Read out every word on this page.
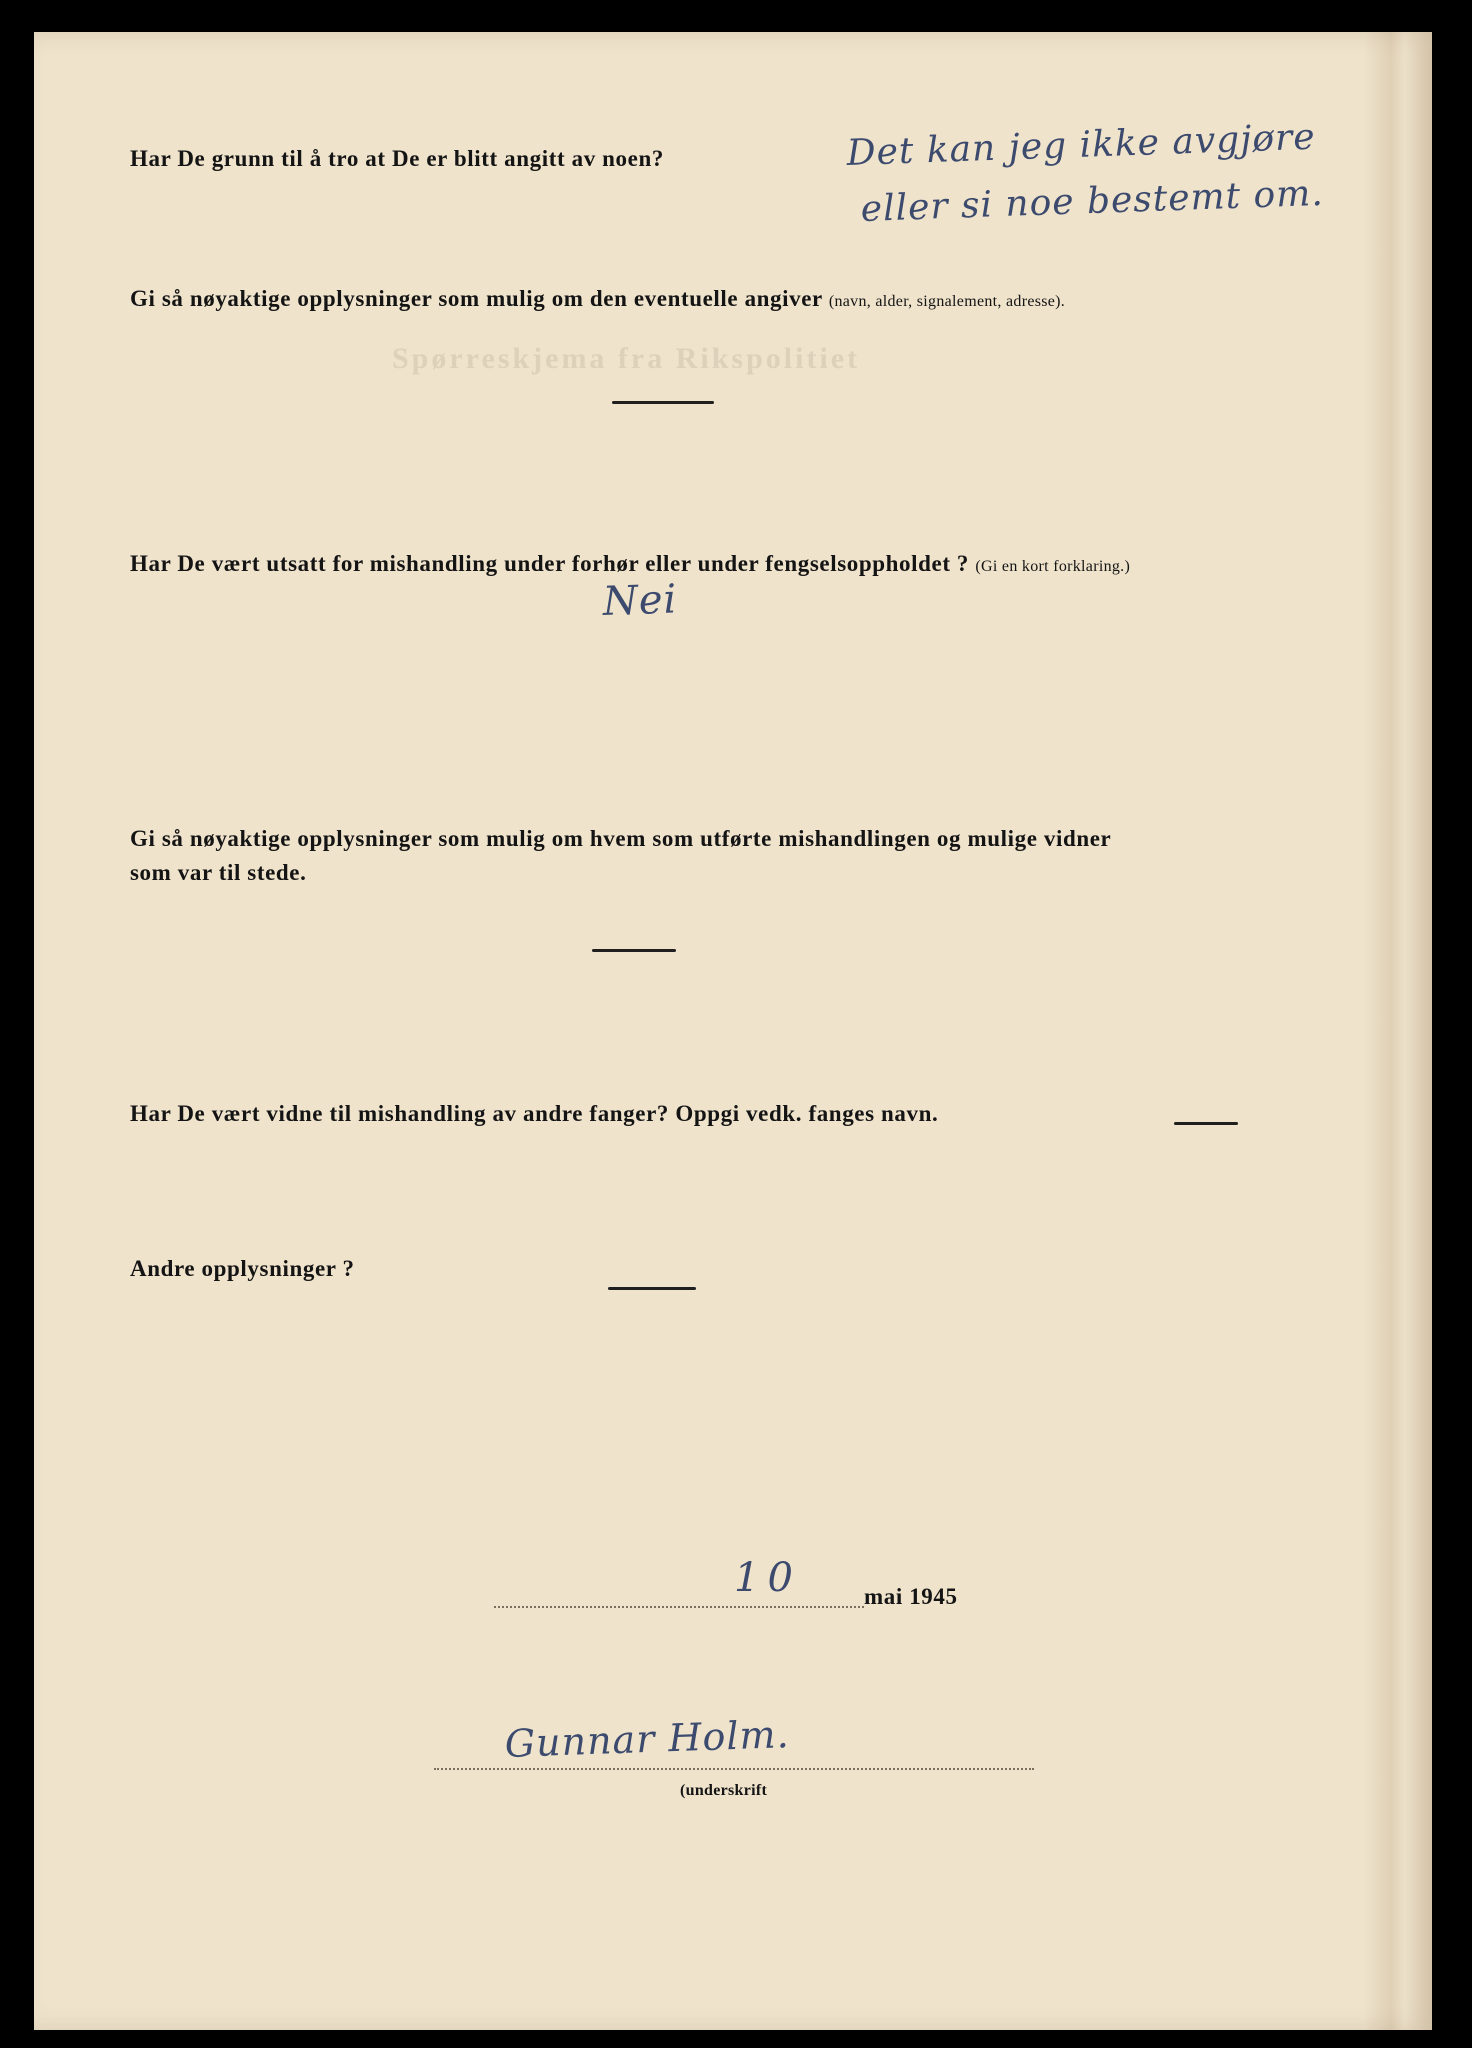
Spørreskjema fra Rikspolitiet
Har De grunn til å tro at De er blitt angitt av noen?	Det kan jeg ikke avgjøre
eller si noe bestemt om.
Gi så nøyaktige opplysninger som mulig om den eventuelle angiver (navn, alder, signalement, adresse).
Har De vært utsatt for mishandling under forhør eller under fengselsoppholdet ? (Gi en kort forklaring.)
Nei
Gi så nøyaktige opplysninger som mulig om hvem som utførte mishandlingen og mulige vidner
som var til stede.
Har De vært vidne til mishandling av andre fanger? Oppgi vedk. fanges navn.
Andre opplysninger ?
10	mai 1945
Gunnar Holm.
(underskrift
